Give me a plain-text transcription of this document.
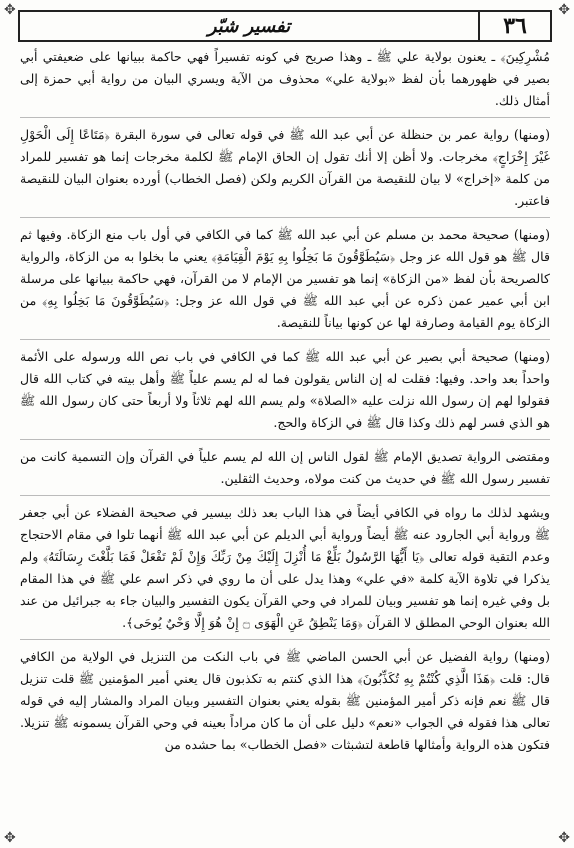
✥	✥
✥	✥
٣٦
تفسير شبّر

مُشْرِكِينَ﴾ ـ يعنون بولاية علي ﷺ ـ وهذا صريح في كونه تفسيراً فهي حاكمة ببيانها على ضعيفتي أبي بصير في ظهورهما بأن لفظ «بولاية علي» محذوف من الآية ويسري البيان من رواية أبي حمزة إلى أمثال ذلك.

(ومنها) رواية عمر بن حنظلة عن أبي عبد الله ﷺ في قوله تعالى في سورة البقرة ﴿مَتَاعًا إِلَى الْحَوْلِ غَيْرَ إِخْرَاجٍ﴾ مخرجات. ولا أظن إلا أنك تقول إن الحاق الإمام ﷺ لكلمة مخرجات إنما هو تفسير للمراد من كلمة «إخراج» لا بيان للنقيصة من القرآن الكريم ولكن (فصل الخطاب) أورده بعنوان البيان للنقيصة فاعتبر.

(ومنها) صحيحة محمد بن مسلم عن أبي عبد الله ﷺ كما في الكافي في أول باب منع الزكاة. وفيها ثم قال ﷺ هو قول الله عز وجل ﴿سَيُطَوَّقُونَ مَا بَخِلُوا بِهِ يَوْمَ الْقِيَامَةِ﴾ يعني ما بخلوا به من الزكاة، والرواية كالصريحة بأن لفظ «من الزكاة» إنما هو تفسير من الإمام لا من القرآن، فهي حاكمة ببيانها على مرسلة ابن أبي عمير عمن ذكره عن أبي عبد الله ﷺ في قول الله عز وجل: ﴿سَيُطَوَّقُونَ مَا بَخِلُوا بِهِ﴾ من الزكاة يوم القيامة وصارفة لها عن كونها بياناً للنقيصة.

(ومنها) صحيحة أبي بصير عن أبي عبد الله ﷺ كما في الكافي في باب نص الله ورسوله على الأئمة واحداً بعد واحد. وفيها: فقلت له إن الناس يقولون فما له لم يسم علياً ﷺ وأهل بيته في كتاب الله قال فقولوا لهم إن رسول الله نزلت عليه «الصلاة» ولم يسم الله لهم ثلاثاً ولا أربعاً حتى كان رسول الله ﷺ هو الذي فسر لهم ذلك وكذا قال ﷺ في الزكاة والحج.

ومقتضى الرواية تصديق الإمام ﷺ لقول الناس إن الله لم يسم علياً في القرآن وإن التسمية كانت من تفسير رسول الله ﷺ في حديث من كنت مولاه، وحديث الثقلين.

ويشهد لذلك ما رواه في الكافي أيضاً في هذا الباب بعد ذلك بيسير في صحيحة الفضلاء عن أبي جعفر ﷺ ورواية أبي الجارود عنه ﷺ أيضاً ورواية أبي الديلم عن أبي عبد الله ﷺ أنهما تلوا في مقام الاحتجاج وعدم التقية قوله تعالى ﴿يَا أَيُّهَا الرَّسُولُ بَلِّغْ مَا أُنْزِلَ إِلَيْكَ مِنْ رَبِّكَ وَإِنْ لَمْ تَفْعَلْ فَمَا بَلَّغْتَ رِسَالَتَهُ﴾ ولم يذكرا في تلاوة الآية كلمة «في علي» وهذا يدل على أن ما روي في ذكر اسم علي ﷺ في هذا المقام بل وفي غيره إنما هو تفسير وبيان للمراد في وحي القرآن يكون التفسير والبيان جاء به جبرائيل من عند الله بعنوان الوحي المطلق لا القرآن ﴿وَمَا يَنْطِقُ عَنِ الْهَوَى ۝ إِنْ هُوَ إِلَّا وَحْيٌ يُوحَى﴾.

(ومنها) رواية الفضيل عن أبي الحسن الماضي ﷺ في باب النكت من التنزيل في الولاية من الكافي قال: قلت ﴿هَذَا الَّذِي كُنْتُمْ بِهِ تُكَذِّبُونَ﴾ هذا الذي كنتم به تكذبون قال يعني أمير المؤمنين ﷺ قلت تنزيل قال ﷺ نعم فإنه ذكر أمير المؤمنين ﷺ بقوله يعني بعنوان التفسير وبيان المراد والمشار إليه في قوله تعالى هذا فقوله في الجواب «نعم» دليل على أن ما كان مراداً بعينه في وحي القرآن يسمونه ﷺ تنزيلا. فتكون هذه الرواية وأمثالها قاطعة لتشبثات «فصل الخطاب» بما حشده من
